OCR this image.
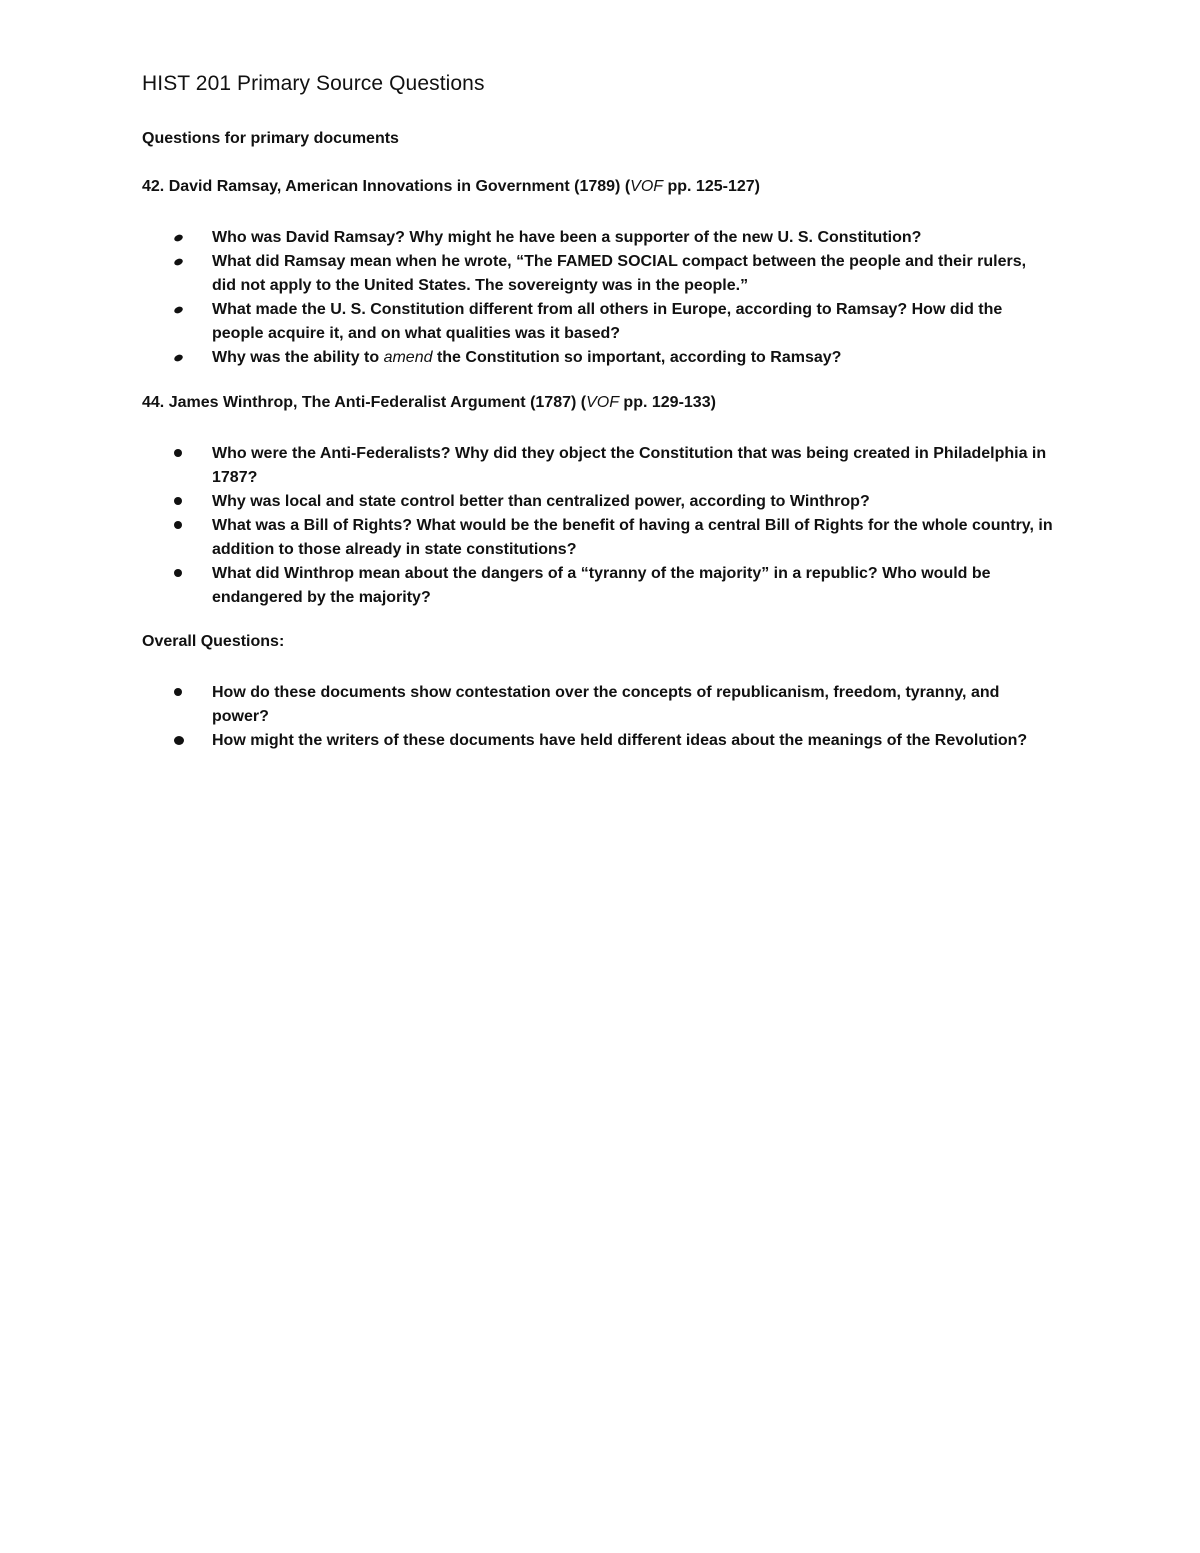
HIST 201 Primary Source Questions
Questions for primary documents
42. David Ramsay, American Innovations in Government (1789) (VOF pp. 125-127)
Who was David Ramsay? Why might he have been a supporter of the new U. S. Constitution?
What did Ramsay mean when he wrote, “The FAMED SOCIAL compact between the people and their rulers, did not apply to the United States. The sovereignty was in the people.”
What made the U. S. Constitution different from all others in Europe, according to Ramsay? How did the people acquire it, and on what qualities was it based?
Why was the ability to amend the Constitution so important, according to Ramsay?
44. James Winthrop, The Anti-Federalist Argument (1787) (VOF pp. 129-133)
Who were the Anti-Federalists? Why did they object the Constitution that was being created in Philadelphia in 1787?
Why was local and state control better than centralized power, according to Winthrop?
What was a Bill of Rights? What would be the benefit of having a central Bill of Rights for the whole country, in addition to those already in state constitutions?
What did Winthrop mean about the dangers of a “tyranny of the majority” in a republic? Who would be endangered by the majority?
Overall Questions:
How do these documents show contestation over the concepts of republicanism, freedom, tyranny, and power?
How might the writers of these documents have held different ideas about the meanings of the Revolution?
